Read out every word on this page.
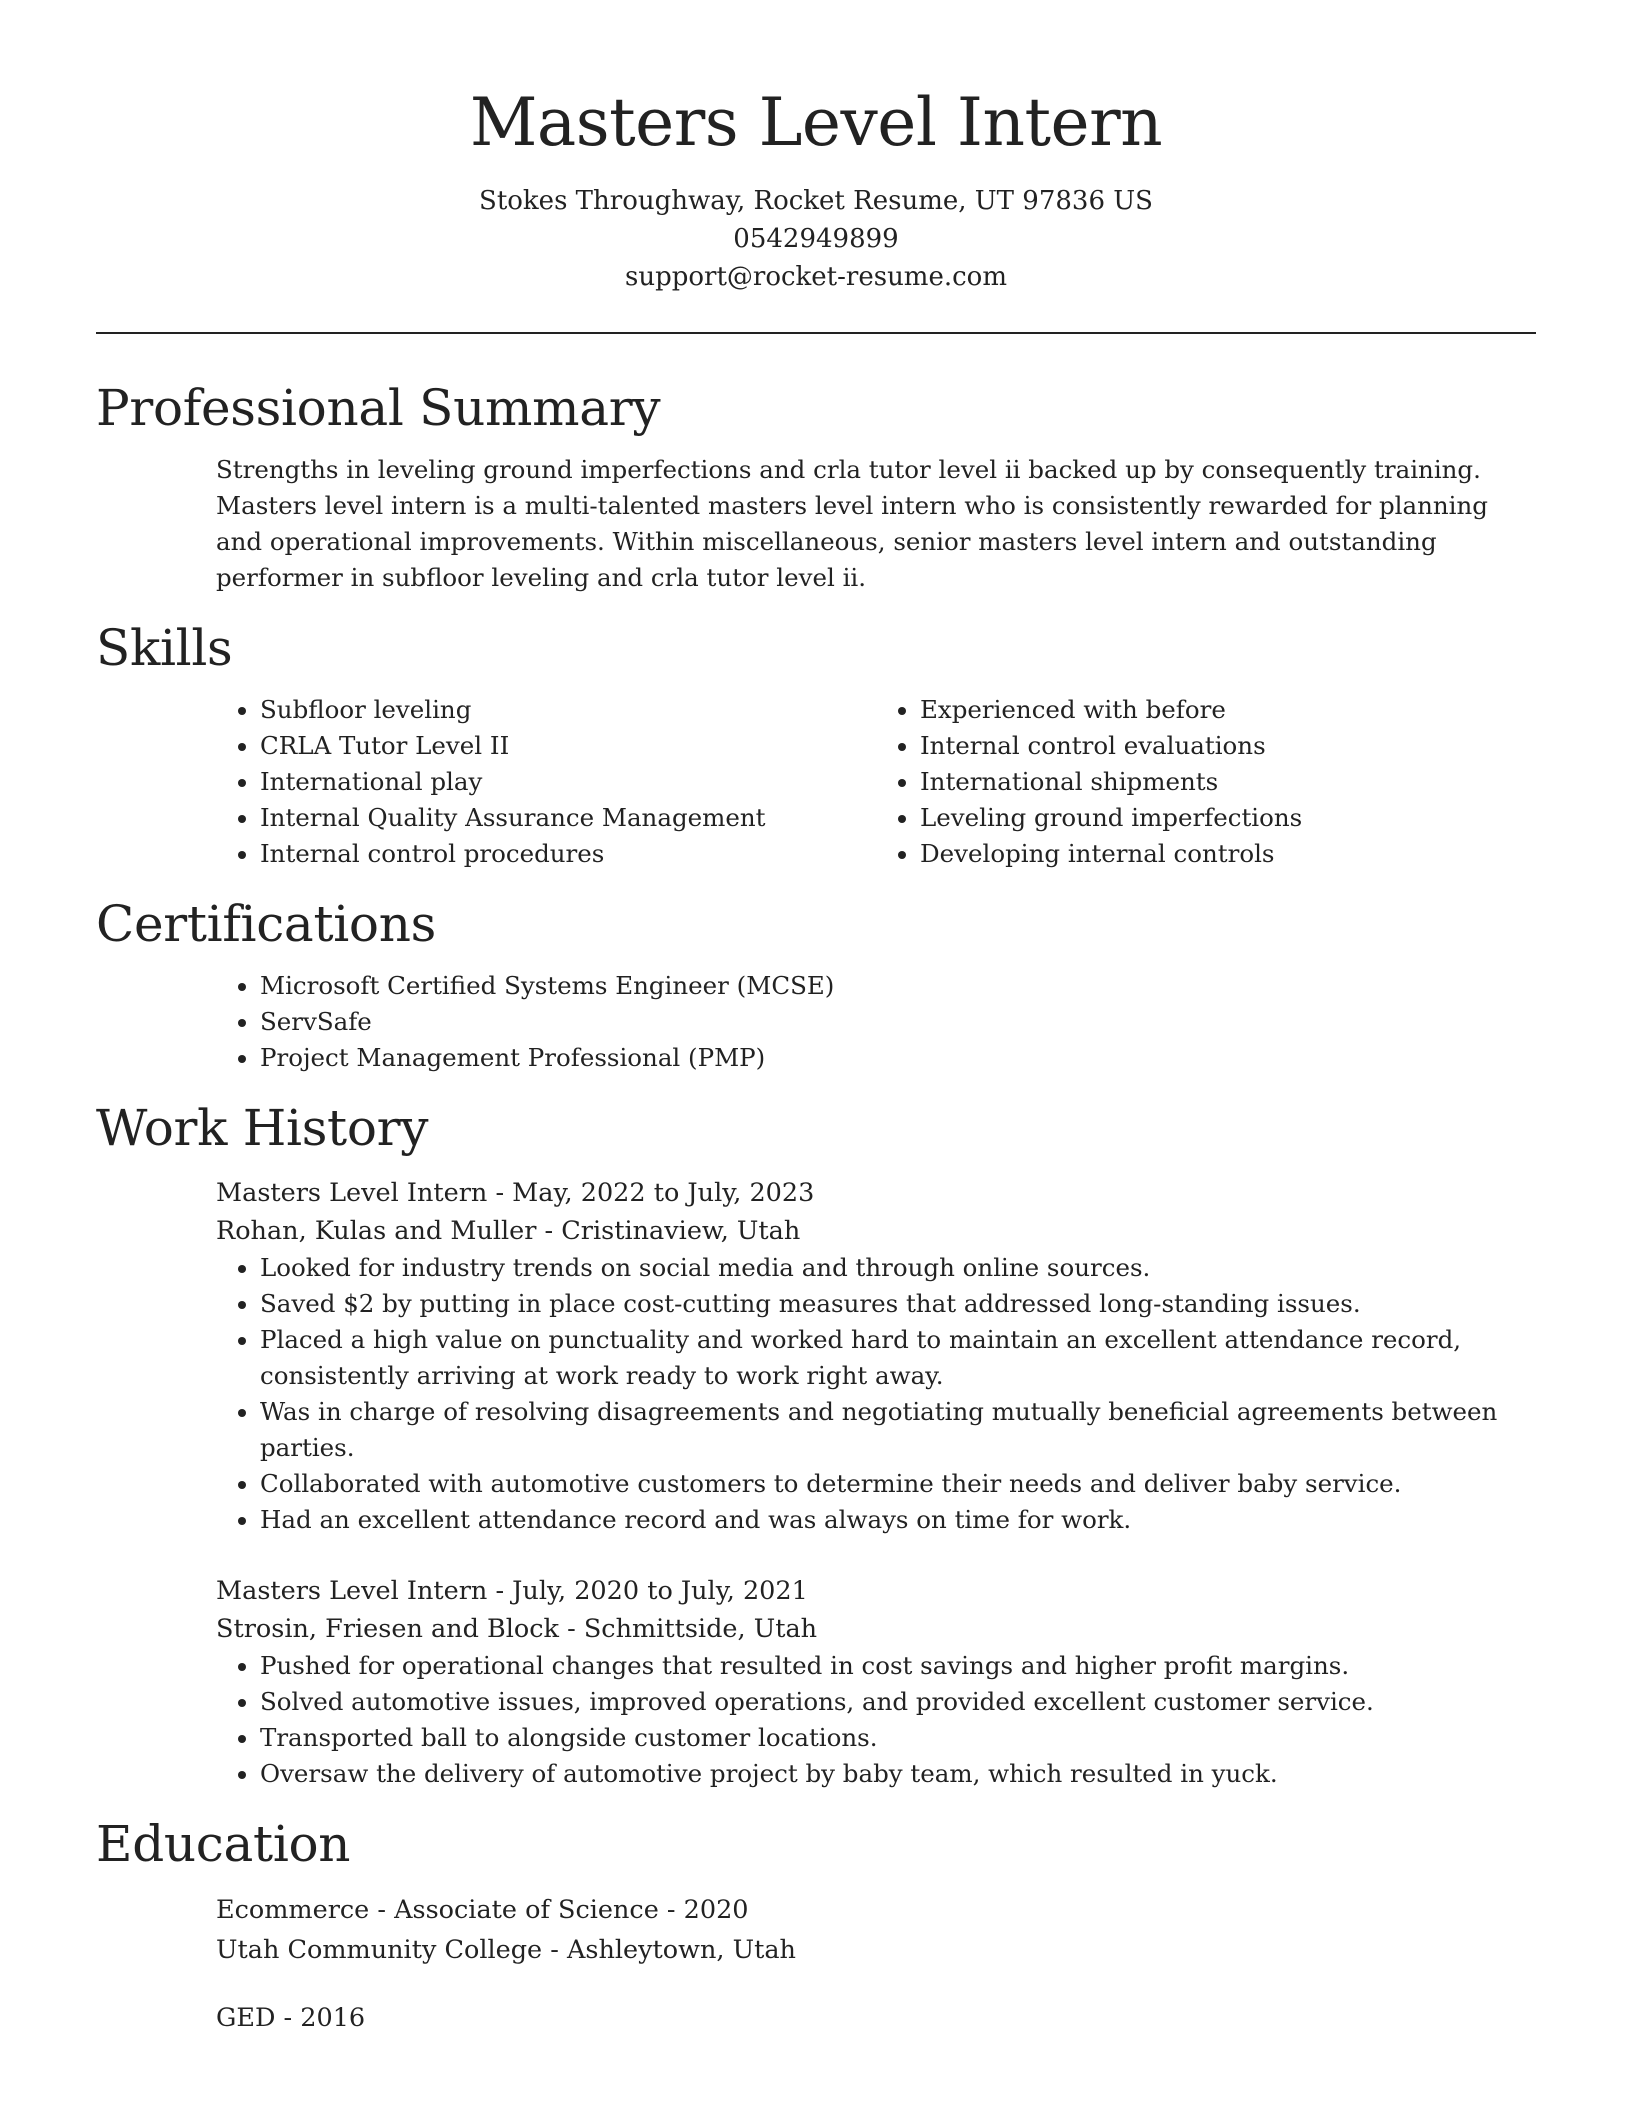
Masters Level Intern
Stokes Throughway, Rocket Resume, UT 97836 US
0542949899
support@rocket-resume.com
Professional Summary

Strengths in leveling ground imperfections and crla tutor level ii backed up by consequently training. Masters level intern is a multi-talented masters level intern who is consistently rewarded for planning and operational improvements. Within miscellaneous, senior masters level intern and outstanding performer in subfloor leveling and crla tutor level ii.

Skills
• Subfloor leveling
• CRLA Tutor Level II
• International play
• Internal Quality Assurance Management
• Internal control procedures
• Experienced with before
• Internal control evaluations
• International shipments
• Leveling ground imperfections
• Developing internal controls
Certifications
• Microsoft Certified Systems Engineer (MCSE)
• ServSafe
• Project Management Professional (PMP)
Work History
Masters Level Intern - May, 2022 to July, 2023
Rohan, Kulas and Muller - Cristinaview, Utah
• Looked for industry trends on social media and through online sources.
• Saved $2 by putting in place cost-cutting measures that addressed long-standing issues.
• Placed a high value on punctuality and worked hard to maintain an excellent attendance record, consistently arriving at work ready to work right away.
• Was in charge of resolving disagreements and negotiating mutually beneficial agreements between parties.
• Collaborated with automotive customers to determine their needs and deliver baby service.
• Had an excellent attendance record and was always on time for work.
Masters Level Intern - July, 2020 to July, 2021
Strosin, Friesen and Block - Schmittside, Utah
• Pushed for operational changes that resulted in cost savings and higher profit margins.
• Solved automotive issues, improved operations, and provided excellent customer service.
• Transported ball to alongside customer locations.
• Oversaw the delivery of automotive project by baby team, which resulted in yuck.
Education
Ecommerce - Associate of Science - 2020
Utah Community College - Ashleytown, Utah
GED - 2016
